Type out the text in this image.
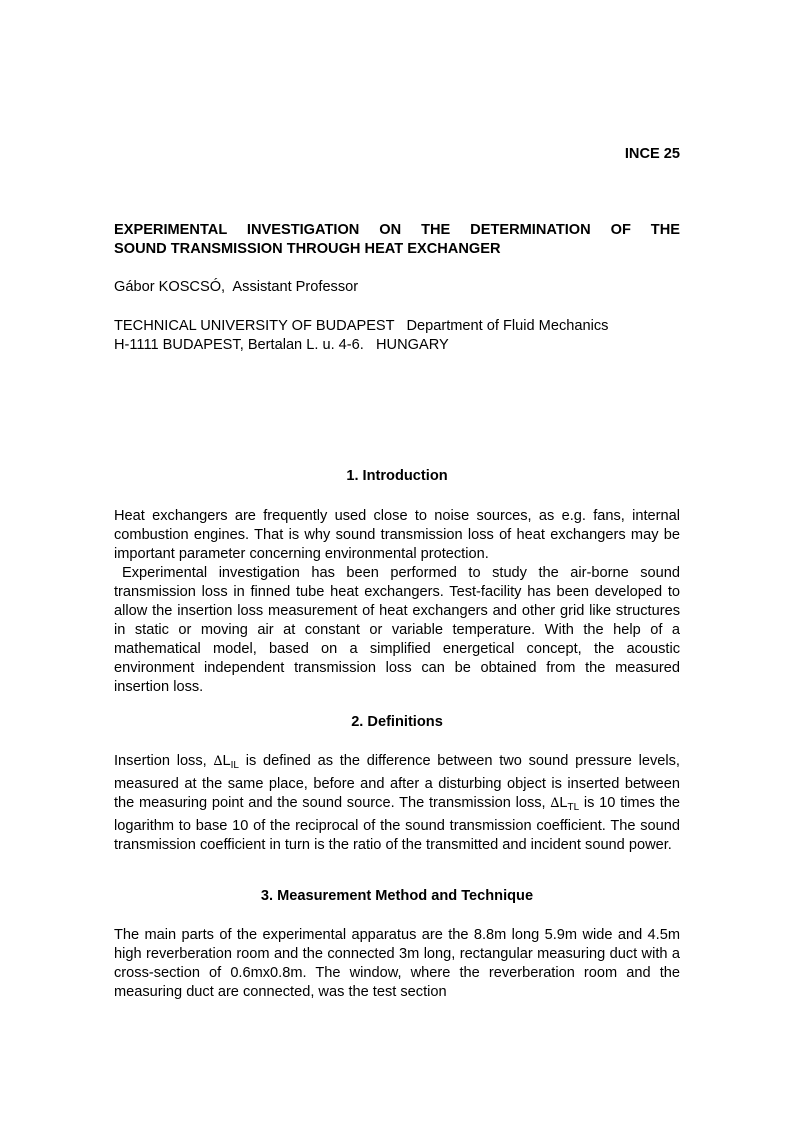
INCE 25
EXPERIMENTAL INVESTIGATION ON THE DETERMINATION OF THE
SOUND TRANSMISSION THROUGH HEAT EXCHANGER

Gábor KOSCSÓ,  Assistant Professor

TECHNICAL UNIVERSITY OF BUDAPEST   Department of Fluid Mechanics
H-1111 BUDAPEST, Bertalan L. u. 4-6.   HUNGARY

1. Introduction

Heat exchangers are frequently used close to noise sources, as e.g. fans, internal combustion engines. That is why sound transmission loss of heat exchangers may be important parameter concerning environmental protection.

Experimental investigation has been performed to study the air-borne sound transmission loss in finned tube heat exchangers. Test-facility has been developed to allow the insertion loss measurement of heat exchangers and other grid like structures in static or moving air at constant or variable temperature. With the help of a mathematical model, based on a simplified energetical concept, the acoustic environment independent transmission loss can be obtained from the measured insertion loss.

2. Definitions

Insertion loss, $\Delta L_{IL}$ is defined as the difference between two sound pressure levels, measured at the same place, before and after a disturbing object is inserted between the measuring point and the sound source. The transmission loss, $\Delta L_{TL}$ is 10 times the logarithm to base 10 of the reciprocal of the sound transmission coefficient. The sound transmission coefficient in turn is the ratio of the transmitted and incident sound power.

3. Measurement Method and Technique

The main parts of the experimental apparatus are the 8.8m long 5.9m wide and 4.5m high reverberation room and the connected 3m long, rectangular measuring duct with a cross-section of 0.6mx0.8m. The window, where the reverberation room and the measuring duct are connected, was the test section
